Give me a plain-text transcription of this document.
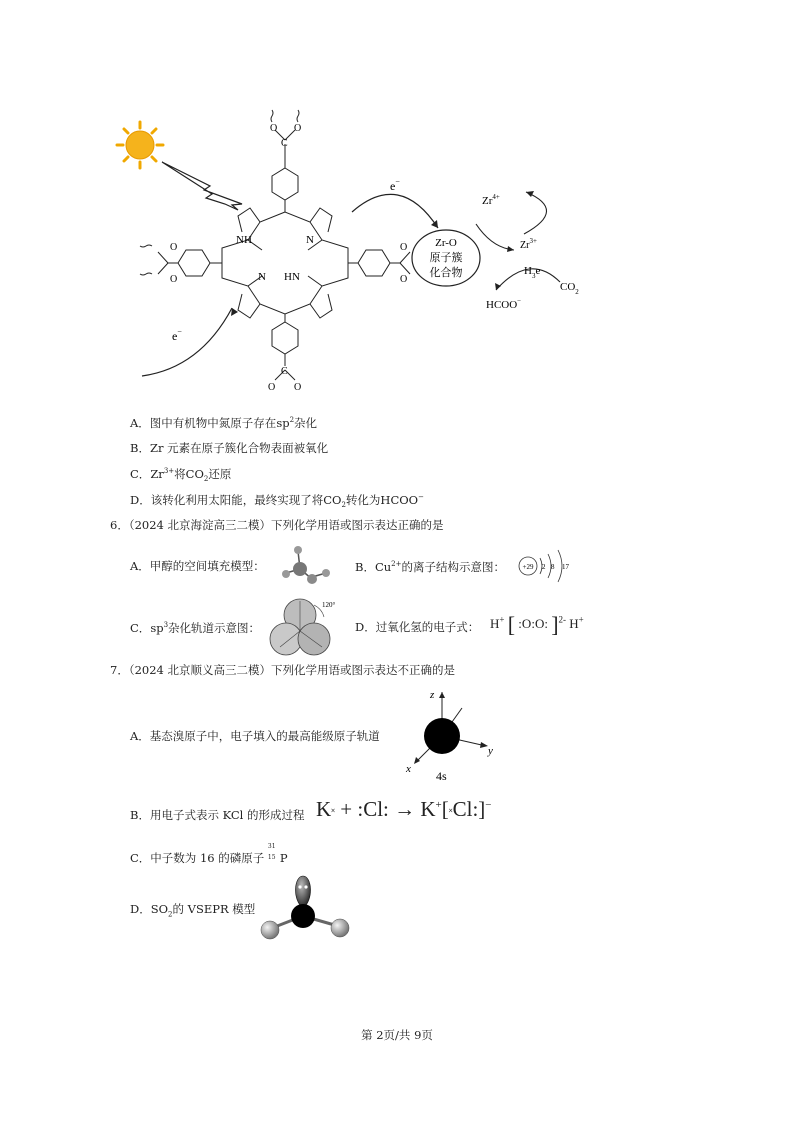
O O
C
NH
HN
N
N
O
O
O
O
C
O O
e−
e−
Zr-O
原子簇
化合物
$Zr^{4+}$
$Zr^{3+}$
$H_3e$
$CO_2$
HCOO−
A．图中有机物中氮原子存在$sp^2$杂化
B．Zr 元素在原子簇化合物表面被氧化
C．$Zr^{3+}$将$CO_2$还原
D．该转化利用太阳能，最终实现了将$CO_2$转化为HCOO−
6．（2024 北京海淀高三二模）下列化学用语或图示表达正确的是
A．甲醇的空间填充模型：	B．$Cu^{2+}$的离子结构示意图：	+29 2 8 17
C．$sp^3$杂化轨道示意图：
120°
D．过氧化氢的电子式： H+ [ :O:O: ]$^{2-}$ H+
7．（2024 北京顺义高三二模）下列化学用语或图示表达不正确的是
A．基态溴原子中，电子填入的最高能级原子轨道
z
y
x 4s
B．用电子式表示 KCl 的形成过程 K˟ + :Cl: → K+[˟Cl:]−
C．中子数为 16 的磷原子
31
15 P
D．$SO_2$的 VSEPR 模型
第 2页/共 9页
